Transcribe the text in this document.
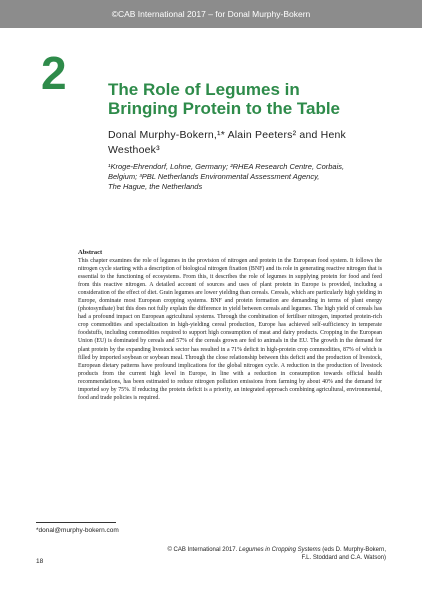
©CAB International 2017 – for Donal Murphy-Bokern
2 The Role of Legumes in
Bringing Protein to the Table
Donal Murphy-Bokern,¹* Alain Peeters² and Henk
Westhoek³
¹Kroge-Ehrendorf, Lohne, Germany; ²RHEA Research Centre, Corbais,
Belgium; ³PBL Netherlands Environmental Assessment Agency,
The Hague, the Netherlands
Abstract

This chapter examines the role of legumes in the provision of nitrogen and protein in the European food system. It follows the nitrogen cycle starting with a description of biological nitrogen fixation (BNF) and its role in generating reactive nitrogen that is essential to the functioning of ecosystems. From this, it describes the role of legumes in supplying protein for food and feed from this reactive nitrogen. A detailed account of sources and uses of plant protein in Europe is provided, including a consideration of the effect of diet. Grain legumes are lower yielding than cereals. Cereals, which are particularly high yielding in Europe, dominate most European cropping systems. BNF and protein formation are demanding in terms of plant energy (photosynthate) but this does not fully explain the difference in yield between cereals and legumes. The high yield of cereals has had a profound impact on European agricultural systems. Through the combination of fertiliser nitrogen, imported protein-rich crop commodities and specialization in high-yielding cereal production, Europe has achieved self-sufficiency in temperate foodstuffs, including commodities required to support high consumption of meat and dairy products. Cropping in the European Union (EU) is dominated by cereals and 57% of the cereals grown are fed to animals in the EU. The growth in the demand for plant protein by the expanding livestock sector has resulted in a 71% deficit in high-protein crop commodities, 87% of which is filled by imported soybean or soybean meal. Through the close relationship between this deficit and the production of livestock, European dietary patterns have profound implications for the global nitrogen cycle. A reduction in the production of livestock products from the current high level in Europe, in line with a reduction in consumption towards official health recommendations, has been estimated to reduce nitrogen pollution emissions from farming by about 40% and the demand for imported soy by 75%. If reducing the protein deficit is a priority, an integrated approach combining agricultural, environmental, food and trade policies is required.

*donal@murphy-bokern.com
© CAB International 2017. Legumes in Cropping Systems (eds D. Murphy-Bokern,
F.L. Stoddard and C.A. Watson)
18
